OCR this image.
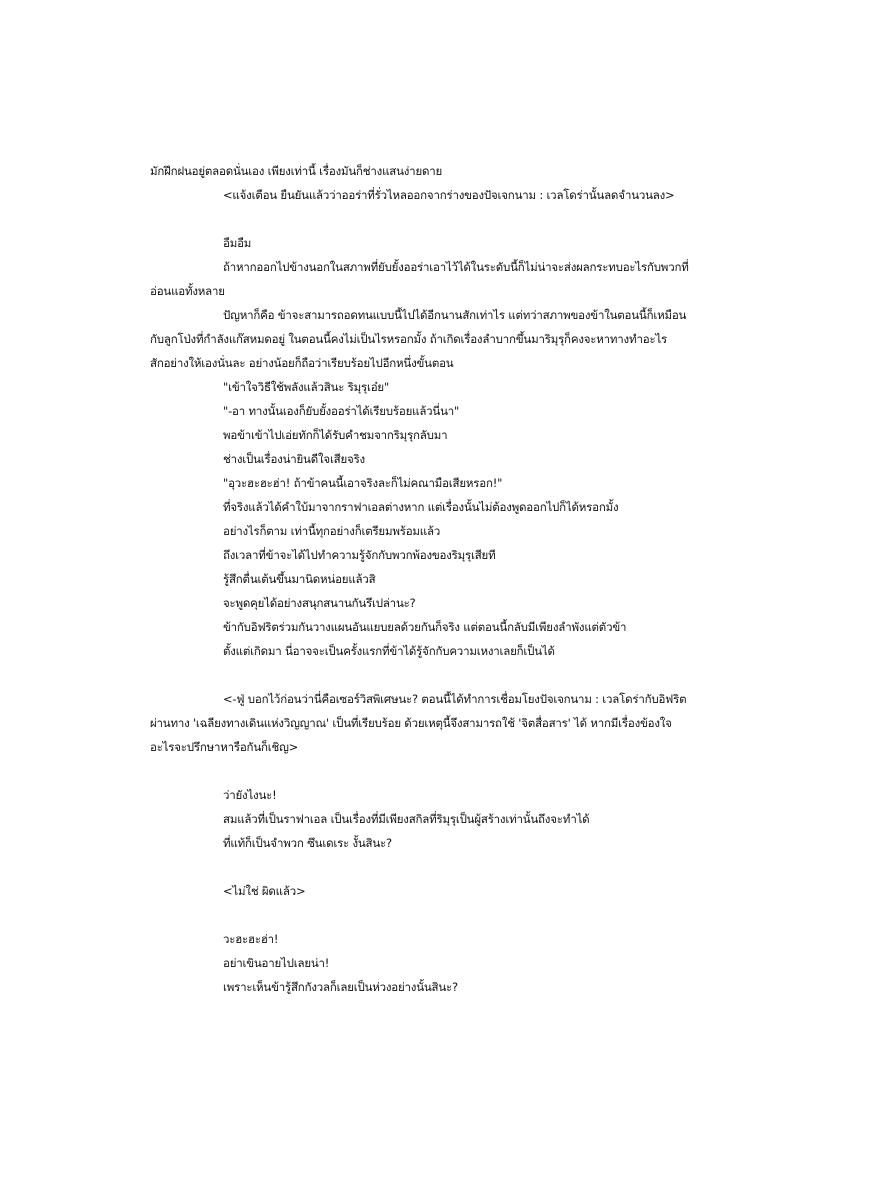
มักฝึกฝนอยู่ตลอดนั่นเอง เพียงเท่านี้ เรื่องมันก็ช่างแสนง่ายดาย
<แจ้งเตือน ยืนยันแล้วว่าออร่าที่รั่วไหลออกจากร่างของปัจเจกนาม : เวลโดร่านั้นลดจำนวนลง>
อืมอืม
ถ้าหากออกไปข้างนอกในสภาพที่ยับยั้งออร่าเอาไว้ได้ในระดับนี้ก็ไม่น่าจะส่งผลกระทบอะไรกับพวกที่
อ่อนแอทั้งหลาย
ปัญหาก็คือ ข้าจะสามารถอดทนแบบนี้ไปได้อีกนานสักเท่าไร แต่ทว่าสภาพของข้าในตอนนี้ก็เหมือน
กับลูกโป่งที่กำลังแก๊สหมดอยู่ ในตอนนี้คงไม่เป็นไรหรอกมั้ง ถ้าเกิดเรื่องลำบากขึ้นมาริมุรุก็คงจะหาทางทำอะไร
สักอย่างให้เองนั่นละ อย่างน้อยก็ถือว่าเรียบร้อยไปอีกหนึ่งขั้นตอน
"เข้าใจวิธีใช้พลังแล้วสินะ ริมุรุเอ๋ย"
"-อา ทางนั้นเองก็ยับยั้งออร่าได้เรียบร้อยแล้วนี่นา"
พอข้าเข้าไปเอ่ยทักก็ได้รับคำชมจากริมุรุกลับมา
ช่างเป็นเรื่องน่ายินดีใจเสียจริง
"อุวะฮะฮะฮ่า! ถ้าข้าคนนี้เอาจริงละก็ไม่คณามือเสียหรอก!"
ที่จริงแล้วได้คำใบ้มาจากราฟาเอลต่างหาก แต่เรื่องนั้นไม่ต้องพูดออกไปก็ได้หรอกมั้ง
อย่างไรก็ตาม เท่านี้ทุกอย่างก็เตรียมพร้อมแล้ว
ถึงเวลาที่ข้าจะได้ไปทำความรู้จักกับพวกพ้องของริมุรุเสียที
รู้สึกตื่นเต้นขึ้นมานิดหน่อยแล้วสิ
จะพูดคุยได้อย่างสนุกสนานกันรึเปล่านะ?
ข้ากับอิฟริตร่วมกันวางแผนอันแยบยลด้วยกันก็จริง แต่ตอนนี้กลับมีเพียงลำพังแต่ตัวข้า
ตั้งแต่เกิดมา นี่อาจจะเป็นครั้งแรกที่ข้าได้รู้จักกับความเหงาเลยก็เป็นได้
<-ฟู่ บอกไว้ก่อนว่านี่คือเซอร์วิสพิเศษนะ? ตอนนี้ได้ทำการเชื่อมโยงปัจเจกนาม : เวลโดร่ากับอิฟริต
ผ่านทาง 'เฉลียงทางเดินแห่งวิญญาณ' เป็นที่เรียบร้อย ด้วยเหตุนี้จึงสามารถใช้ 'จิตสื่อสาร' ได้ หากมีเรื่องข้องใจ
อะไรจะปรึกษาหารือกันก็เชิญ>
ว่ายังไงนะ!
สมแล้วที่เป็นราฟาเอล เป็นเรื่องที่มีเพียงสกิลที่ริมุรุเป็นผู้สร้างเท่านั้นถึงจะทำได้
ที่แท้ก็เป็นจำพวก ซึนเดเระ งั้นสินะ?
<ไม่ใช่ ผิดแล้ว>
วะฮะฮะฮ่า!
อย่าเขินอายไปเลยน่า!
เพราะเห็นข้ารู้สึกกังวลก็เลยเป็นห่วงอย่างนั้นสินะ?
